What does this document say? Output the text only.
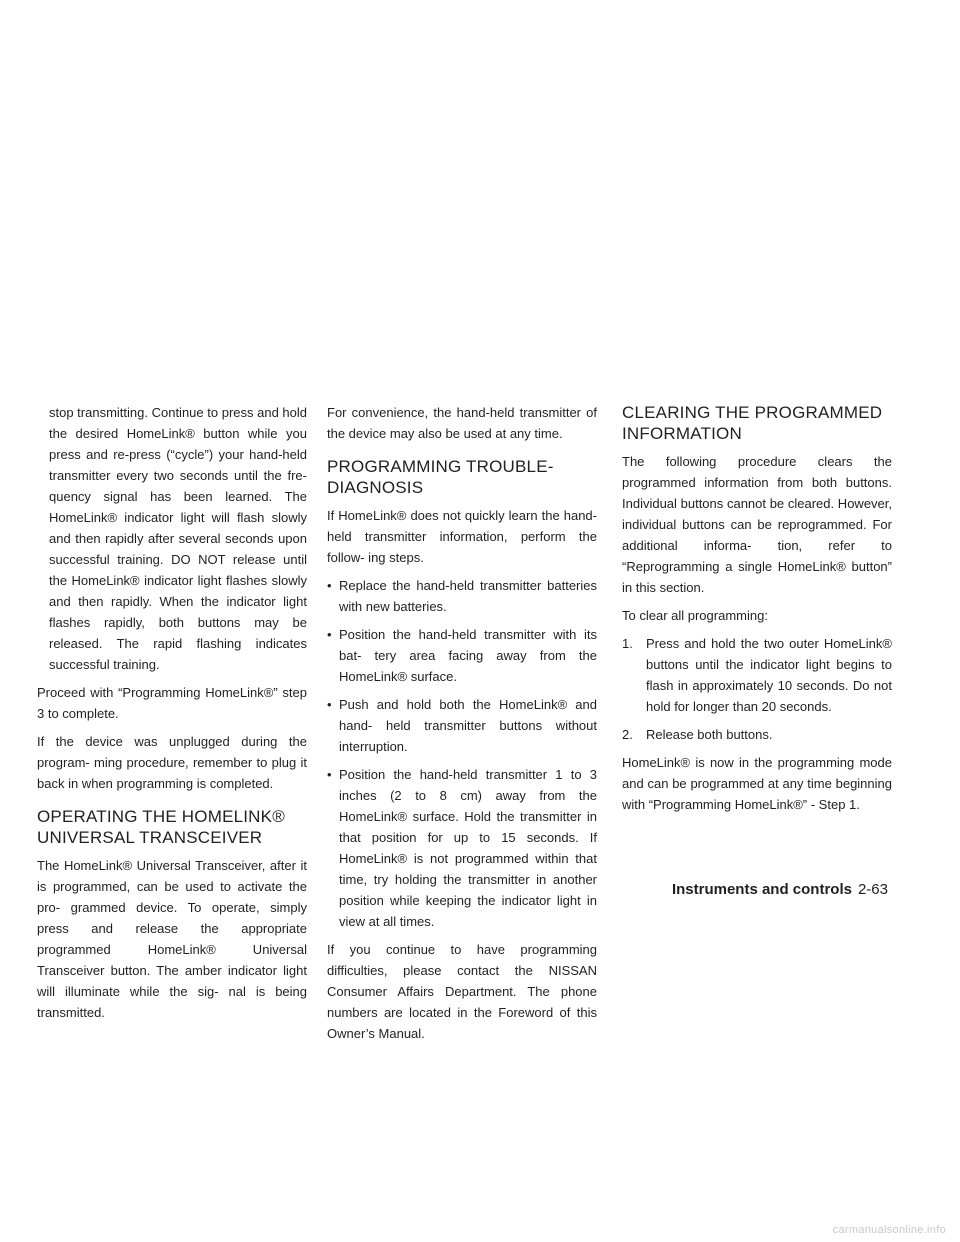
stop transmitting. Continue to press and hold the desired HomeLink® button while you press and re-press (“cycle”) your hand-held transmitter every two seconds until the fre- quency signal has been learned. The HomeLink® indicator light will flash slowly and then rapidly after several seconds upon successful training. DO NOT release until the HomeLink® indicator light flashes slowly and then rapidly. When the indicator light flashes rapidly, both buttons may be released. The rapid flashing indicates successful training.

Proceed with “Programming HomeLink®” step 3 to complete.

If the device was unplugged during the program- ming procedure, remember to plug it back in when programming is completed.

OPERATING THE HOMELINK® UNIVERSAL TRANSCEIVER

The HomeLink® Universal Transceiver, after it is programmed, can be used to activate the pro- grammed device. To operate, simply press and release the appropriate programmed HomeLink® Universal Transceiver button. The amber indicator light will illuminate while the sig- nal is being transmitted.

For convenience, the hand-held transmitter of the device may also be used at any time.

PROGRAMMING TROUBLE- DIAGNOSIS

If HomeLink® does not quickly learn the hand- held transmitter information, perform the follow- ing steps.

• Replace the hand-held transmitter batteries with new batteries.
• Position the hand-held transmitter with its bat- tery area facing away from the HomeLink® surface.
• Push and hold both the HomeLink® and hand- held transmitter buttons without interruption.
• Position the hand-held transmitter 1 to 3 inches (2 to 8 cm) away from the HomeLink® surface. Hold the transmitter in that position for up to 15 seconds. If HomeLink® is not programmed within that time, try holding the transmitter in another position while keeping the indicator light in view at all times.

If you continue to have programming difficulties, please contact the NISSAN Consumer Affairs Department. The phone numbers are located in the Foreword of this Owner’s Manual.

CLEARING THE PROGRAMMED INFORMATION

The following procedure clears the programmed information from both buttons. Individual buttons cannot be cleared. However, individual buttons can be reprogrammed. For additional informa- tion, refer to “Reprogramming a single HomeLink® button” in this section.

To clear all programming:

1. Press and hold the two outer HomeLink® buttons until the indicator light begins to flash in approximately 10 seconds. Do not hold for longer than 20 seconds.
2. Release both buttons.

HomeLink® is now in the programming mode and can be programmed at any time beginning with “Programming HomeLink®” - Step 1.

Instruments and controls 2-63
carmanualsonline.info
